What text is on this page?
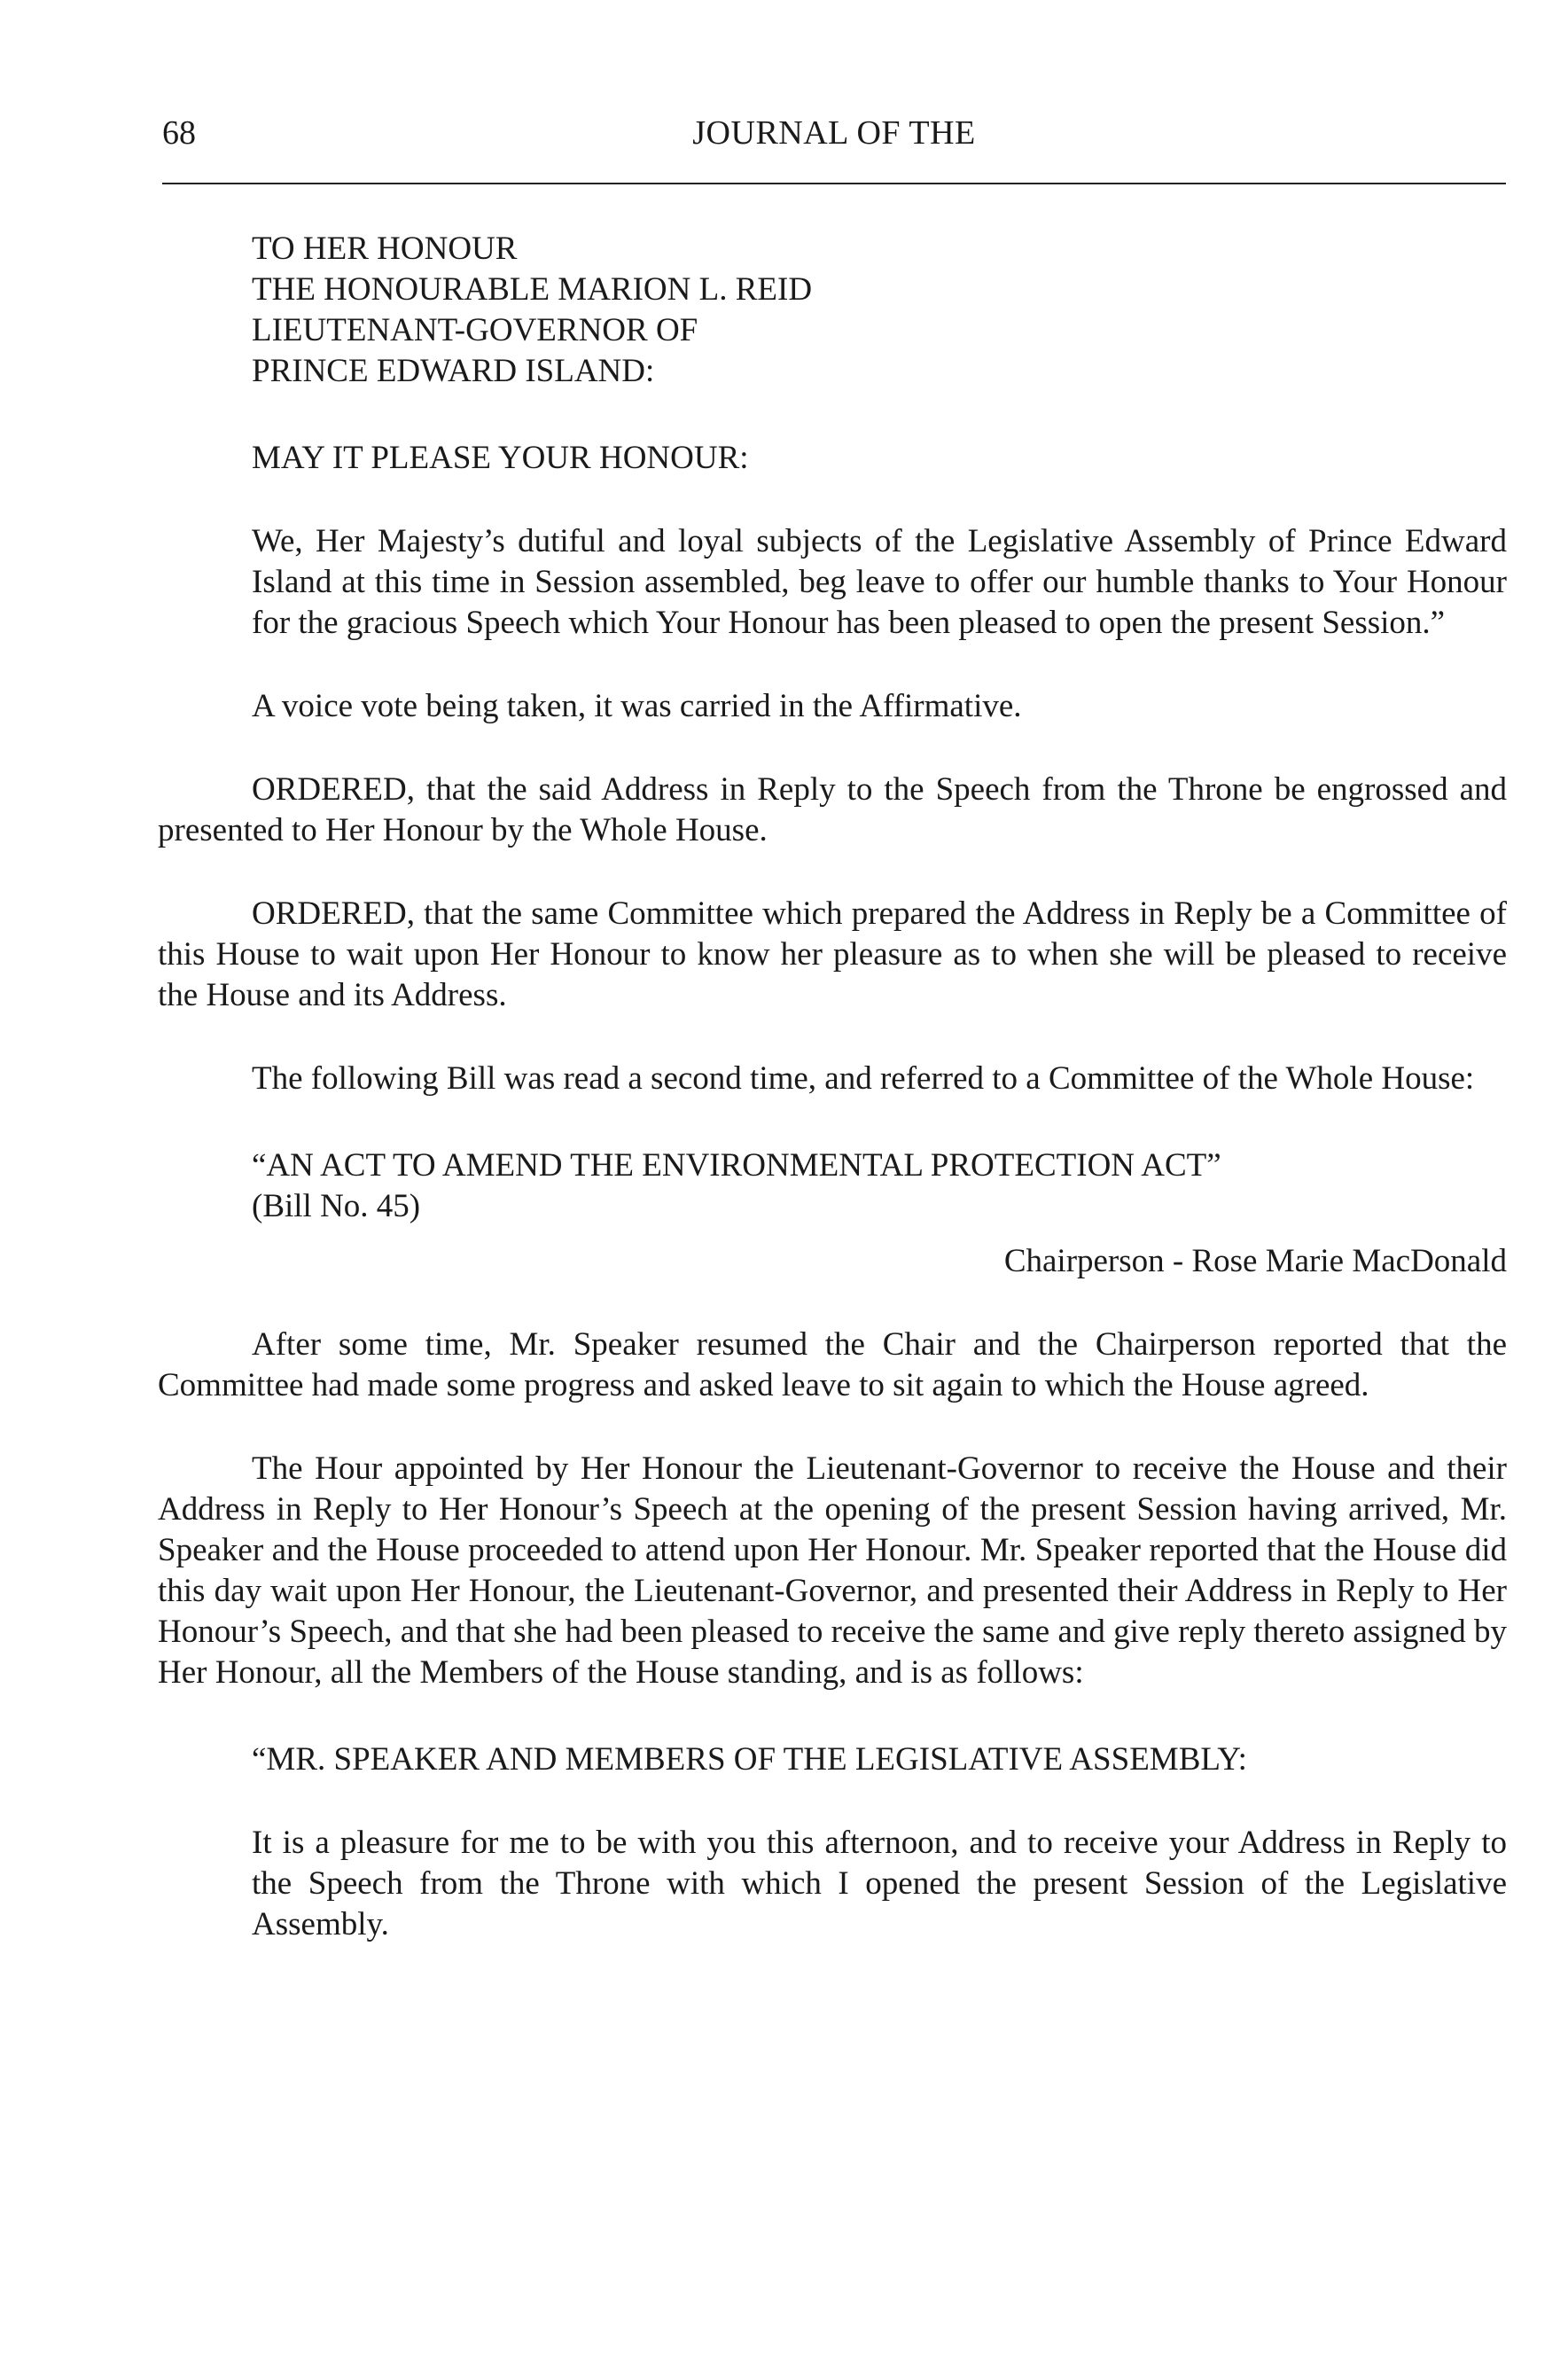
68	JOURNAL OF THE
TO HER HONOUR
THE HONOURABLE MARION L. REID
LIEUTENANT-GOVERNOR OF
PRINCE EDWARD ISLAND:
MAY IT PLEASE YOUR HONOUR:

We, Her Majesty’s dutiful and loyal subjects of the Legislative Assembly of Prince Edward Island at this time in Session assembled, beg leave to offer our humble thanks to Your Honour for the gracious Speech which Your Honour has been pleased to open the present Session.”

A voice vote being taken, it was carried in the Affirmative.

ORDERED, that the said Address in Reply to the Speech from the Throne be engrossed and presented to Her Honour by the Whole House.

ORDERED, that the same Committee which prepared the Address in Reply be a Committee of this House to wait upon Her Honour to know her pleasure as to when she will be pleased to receive the House and its Address.

The following Bill was read a second time, and referred to a Committee of the Whole House:

“AN ACT TO AMEND THE ENVIRONMENTAL PROTECTION ACT”
(Bill No. 45)
Chairperson - Rose Marie MacDonald

After some time, Mr. Speaker resumed the Chair and the Chairperson reported that the Committee had made some progress and asked leave to sit again to which the House agreed.

The Hour appointed by Her Honour the Lieutenant-Governor to receive the House and their Address in Reply to Her Honour’s Speech at the opening of the present Session having arrived, Mr. Speaker and the House proceeded to attend upon Her Honour. Mr. Speaker reported that the House did this day wait upon Her Honour, the Lieutenant-Governor, and presented their Address in Reply to Her Honour’s Speech, and that she had been pleased to receive the same and give reply thereto assigned by Her Honour, all the Members of the House standing, and is as follows:

“MR. SPEAKER AND MEMBERS OF THE LEGISLATIVE ASSEMBLY:

It is a pleasure for me to be with you this afternoon, and to receive your Address in Reply to the Speech from the Throne with which I opened the present Session of the Legislative Assembly.
